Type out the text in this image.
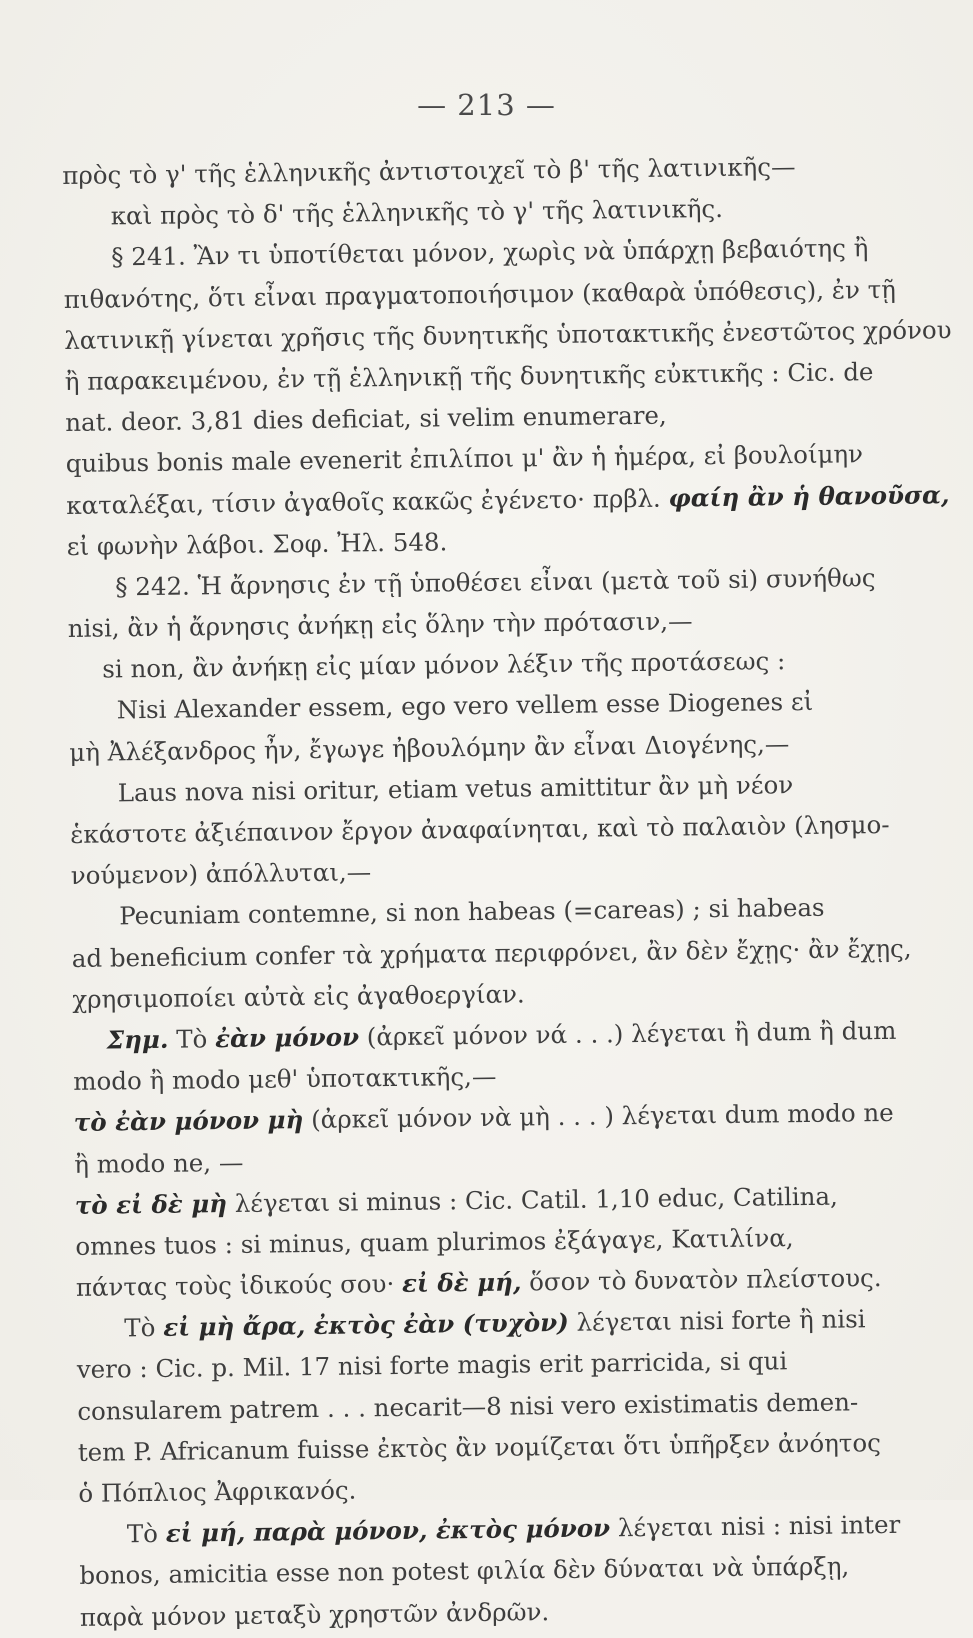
— 213 —
πρὸς τὸ γ' τῆς ἑλληνικῆς ἀντιστοιχεῖ τὸ β' τῆς λατινικῆς—
καὶ πρὸς τὸ δ' τῆς ἑλληνικῆς τὸ γ' τῆς λατινικῆς.
§ 241. Ἂν τι ὑποτίθεται μόνον, χωρὶς νὰ ὑπάρχῃ βεβαιότης ἢ
πιθανότης, ὅτι εἶναι πραγματοποιήσιμον (καθαρὰ ὑπόθεσις), ἐν τῇ
λατινικῇ γίνεται χρῆσις τῆς δυνητικῆς ὑποτακτικῆς ἐνεστῶτος χρόνου
ἢ παρακειμένου, ἐν τῇ ἑλληνικῇ τῆς δυνητικῆς εὐκτικῆς : Cic. de
nat. deor. 3,81 dies deficiat, si velim enumerare,
quibus bonis male evenerit ἐπιλίποι μ' ἂν ἡ ἡμέρα, εἰ βουλοίμην
καταλέξαι, τίσιν ἀγαθοῖς κακῶς ἐγένετο· πρβλ. φαίη ἂν ἡ θανοῦσα,
εἰ φωνὴν λάβοι. Σοφ. Ἠλ. 548.
§ 242. Ἡ ἄρνησις ἐν τῇ ὑποθέσει εἶναι (μετὰ τοῦ si) συνήθως
nisi, ἂν ἡ ἄρνησις ἀνήκῃ εἰς ὅλην τὴν πρότασιν,—
si non, ἂν ἀνήκῃ εἰς μίαν μόνον λέξιν τῆς προτάσεως :
Nisi Alexander essem, ego vero vellem esse Diogenes εἰ
μὴ Ἀλέξανδρος ἦν, ἔγωγε ἠβουλόμην ἂν εἶναι Διογένης,—
Laus nova nisi oritur, etiam vetus amittitur ἂν μὴ νέον
ἑκάστοτε ἀξιέπαινον ἔργον ἀναφαίνηται, καὶ τὸ παλαιὸν (λησμο-
νούμενον) ἀπόλλυται,—
Pecuniam contemne, si non habeas (=careas) ; si habeas
ad beneficium confer τὰ χρήματα περιφρόνει, ἂν δὲν ἔχῃς· ἂν ἔχῃς,
χρησιμοποίει αὐτὰ εἰς ἀγαθοεργίαν.
Σημ. Τὸ ἐὰν μόνον (ἀρκεῖ μόνον νά . . .) λέγεται ἢ dum ἢ dum
modo ἢ modo μεθ' ὑποτακτικῆς,—
τὸ ἐὰν μόνον μὴ (ἀρκεῖ μόνον νὰ μὴ . . . ) λέγεται dum modo ne
ἢ modo ne, —
τὸ εἰ δὲ μὴ λέγεται si minus : Cic. Catil. 1,10 educ, Catilina,
omnes tuos : si minus, quam plurimos ἐξάγαγε, Κατιλίνα,
πάντας τοὺς ἰδικούς σου· εἰ δὲ μή, ὅσον τὸ δυνατὸν πλείστους.
Τὸ εἰ μὴ ἄρα, ἐκτὸς ἐὰν (τυχὸν) λέγεται nisi forte ἢ nisi
vero : Cic. p. Mil. 17 nisi forte magis erit parricida, si qui
consularem patrem . . . necarit—8 nisi vero existimatis demen-
tem P. Africanum fuisse ἐκτὸς ἂν νομίζεται ὅτι ὑπῆρξεν ἀνόητος
ὁ Πόπλιος Ἀφρικανός.
Τὸ εἰ μή, παρὰ μόνον, ἐκτὸς μόνον λέγεται nisi : nisi inter
bonos, amicitia esse non potest φιλία δὲν δύναται νὰ ὑπάρξῃ,
παρὰ μόνον μεταξὺ χρηστῶν ἀνδρῶν.
